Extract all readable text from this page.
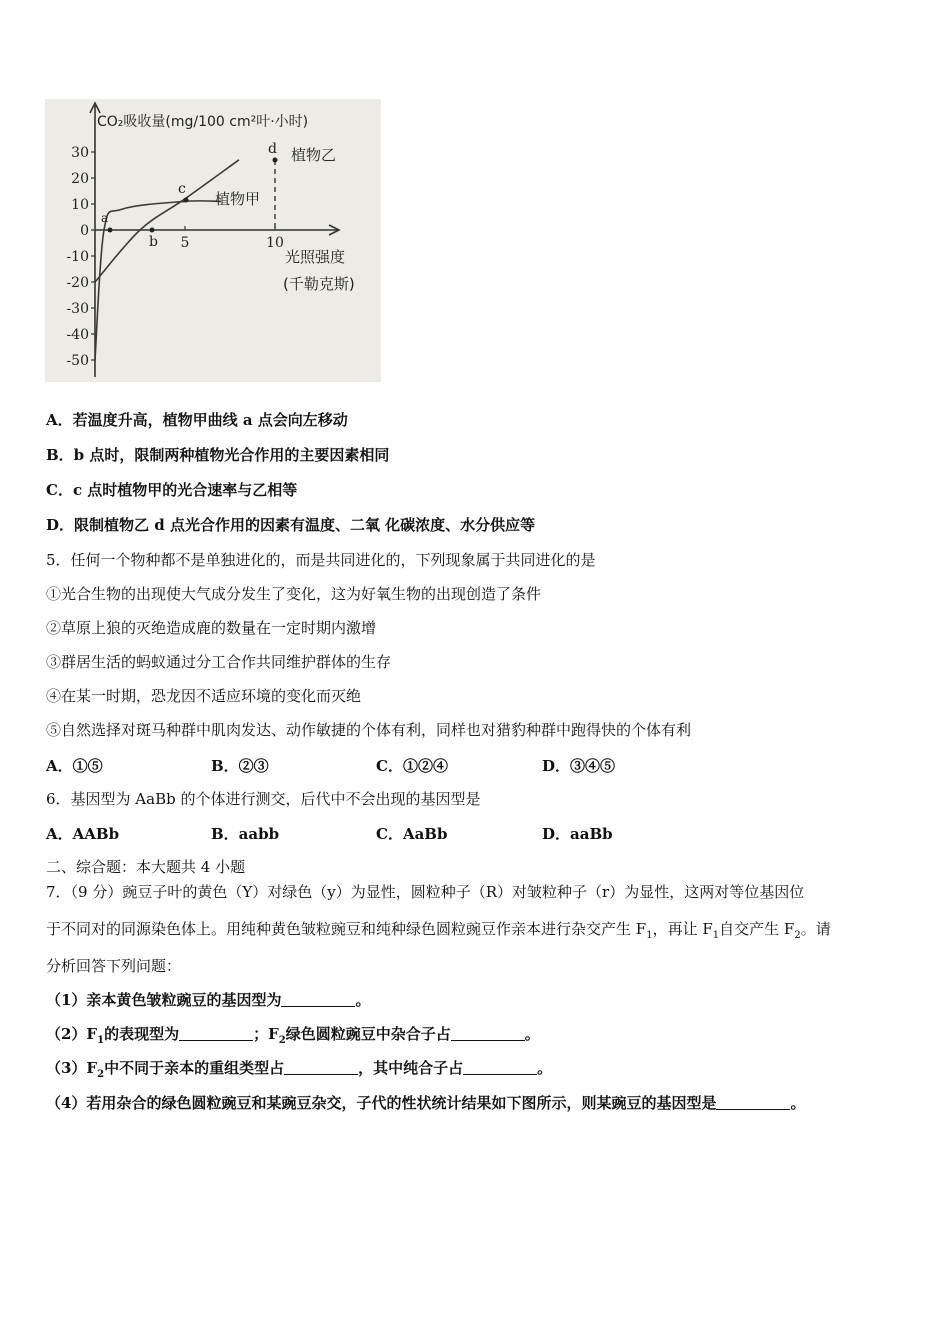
CO₂吸收量(mg/100 cm²叶·小时)
30
20
10
0
-10
-20
-30
-40
-50
5	10
光照强度
(千勒克斯)
植物甲
植物乙
a
b
c
d
A．若温度升高，植物甲曲线 a 点会向左移动
B．b 点时，限制两种植物光合作用的主要因素相同
C．c 点时植物甲的光合速率与乙相等
D．限制植物乙 d 点光合作用的因素有温度、二氧 化碳浓度、水分供应等
5．任何一个物种都不是单独进化的，而是共同进化的，下列现象属于共同进化的是
①光合生物的出现使大气成分发生了变化，这为好氧生物的出现创造了条件
②草原上狼的灭绝造成鹿的数量在一定时期内激增
③群居生活的蚂蚁通过分工合作共同维护群体的生存
④在某一时期，恐龙因不适应环境的变化而灭绝
⑤自然选择对斑马种群中肌肉发达、动作敏捷的个体有利，同样也对猎豹种群中跑得快的个体有利
A．①⑤	B．②③	C．①②④	D．③④⑤
6．基因型为 AaBb 的个体进行测交，后代中不会出现的基因型是
A．AABb	B．aabb	C．AaBb	D．aaBb
二、综合题：本大题共 4 小题
7．（9 分）豌豆子叶的黄色（Y）对绿色（y）为显性，圆粒种子（R）对皱粒种子（r）为显性，这两对等位基因位
于不同对的同源染色体上。用纯种黄色皱粒豌豆和纯种绿色圆粒豌豆作亲本进行杂交产生 $F_1$，再让 $F_1$自交产生 $F_2$。请
分析回答下列问题：
（1）亲本黄色皱粒豌豆的基因型为	。
$(2)F_1$的表现型为	；$F_2$绿色圆粒豌豆中杂合子占	。
$(3)F_2$中不同于亲本的重组类型占	，其中纯合子占	。
（4）若用杂合的绿色圆粒豌豆和某豌豆杂交，子代的性状统计结果如下图所示，则某豌豆的基因型是	。
